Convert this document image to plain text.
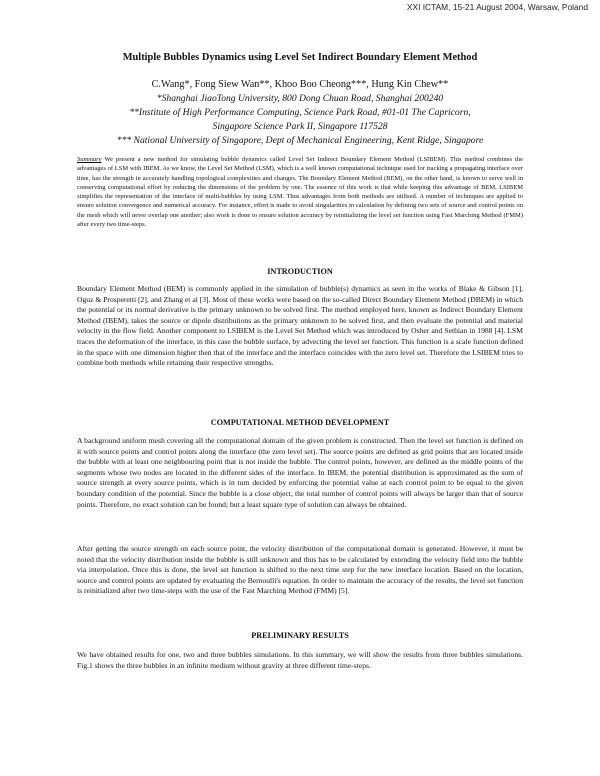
XXI ICTAM, 15-21 August 2004, Warsaw, Poland
Multiple Bubbles Dynamics using Level Set Indirect Boundary Element Method
C.Wang*, Fong Siew Wan**, Khoo Boo Cheong***, Hung Kin Chew**
*Shanghai JiaoTong University, 800 Dong Chuan Road, Shanghai 200240
**Institute of High Performance Computing, Science Park Road, #01-01 The Capricorn,
Singapore Science Park II, Singapore 117528
*** National University of Singapore, Dept of Mechanical Engineering, Kent Ridge, Singapore

Summary We present a new method for simulating bubble dynamics called Level Set Indirect Boundary Element Method (LSIBEM). This method combines the advantages of LSM with IBEM. As we know, the Level Set Method (LSM), which is a well known computational technique used for tracking a propagating interface over time, has the strength in accurately handling topological complexities and changes. The Boundary Element Method (BEM), on the other hand, is known to serve well in conserving computational effort by reducing the dimensions of the problem by one. The essence of this work is that while keeping this advantage of BEM, LSIBEM simplifies the representation of the interface of multi-bubbles by using LSM. Thus advantages from both methods are utilised. A number of techniques are applied to ensure solution convergence and numerical accuracy. For instance, effort is made to avoid singularities in calculation by defining two sets of source and control points on the mesh which will never overlap one another; also work is done to ensure solution accuracy by reinitializing the level set function using Fast Marching Method (FMM) after every two time-steps.

INTRODUCTION

Boundary Element Method (BEM) is commonly applied in the simulation of bubble(s) dynamics as seen in the works of Blake & Gibson [1], Oguz & Prosperetti [2], and Zhang et al [3]. Most of these works were based on the so-called Direct Boundary Element Method (DBEM) in which the potential or its normal derivative is the primary unknown to be solved first. The method employed here, known as Indirect Boundary Element Method (IBEM), takes the source or dipole distributions as the primary unknown to be solved first, and then evaluate the potential and material velocity in the flow field. Another component to LSIBEM is the Level Set Method which was introduced by Osher and Sethian in 1988 [4]. LSM traces the deformation of the interface, in this case the bubble surface, by advecting the level set function. This function is a scale function defined in the space with one dimension higher then that of the interface and the interface coincides with the zero level set. Therefore the LSIBEM tries to combine both methods while retaining their respective strengths.

COMPUTATIONAL METHOD DEVELOPMENT

A background uniform mesh covering all the computational domain of the given problem is constructed. Then the level set function is defined on it with source points and control points along the interface (the zero level set). The source points are defined as grid points that are located inside the bubble with at least one neighbouring point that is not inside the bubble. The control points, however, are defined as the middle points of the segments whose two nodes are located in the different sides of the interface. In IBEM, the potential distribution is approximated as the sum of source strength at every source points, which is in turn decided by enforcing the potential value at each control point to be equal to the given boundary condition of the potential. Since the bubble is a close object, the total number of control points will always be larger than that of source points. Therefore, no exact solution can be found; but a least square type of solution can always be obtained.

After getting the source strength on each source point, the velocity distribution of the computational domain is generated. However, it must be noted that the velocity distribution inside the bubble is still unknown and thus has to be calculated by extending the velocity field into the bubble via interpolation. Once this is done, the level set function is shifted to the next time step for the new interface location. Based on the location, source and control points are updated by evaluating the Bernoulli's equation. In order to maintain the accuracy of the results, the level set function is reinitialized after two time-steps with the use of the Fast Marching Method (FMM) [5].

PRELIMINARY RESULTS

We have obtained results for one, two and three bubbles simulations. In this summary, we will show the results from three bubbles simulations. Fig.1 shows the three bubbles in an infinite medium without gravity at three different time-steps.
